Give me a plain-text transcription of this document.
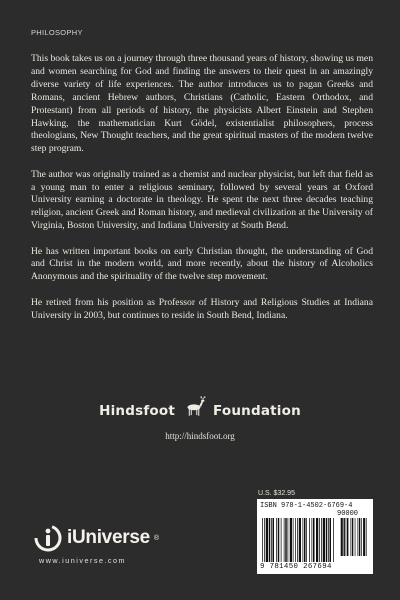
PHILOSOPHY

This book takes us on a journey through three thousand years of history, showing us men and women searching for God and finding the answers to their quest in an amazingly diverse variety of life experiences. The author introduces us to pagan Greeks and Romans, ancient Hebrew authors, Christians (Catholic, Eastern Orthodox, and Protestant) from all periods of history, the physicists Albert Einstein and Stephen Hawking, the mathematician Kurt Gödel, existentialist philosophers, process theologians, New Thought teachers, and the great spiritual masters of the modern twelve step program.

The author was originally trained as a chemist and nuclear physicist, but left that field as a young man to enter a religious seminary, followed by several years at Oxford University earning a doctorate in theology. He spent the next three decades teaching religion, ancient Greek and Roman history, and medieval civilization at the University of Virginia, Boston University, and Indiana University at South Bend.

He has written important books on early Christian thought, the understanding of God and Christ in the modern world, and more recently, about the history of Alcoholics Anonymous and the spirituality of the twelve step movement.

He retired from his position as Professor of History and Religious Studies at Indiana University in 2003, but continues to reside in South Bend, Indiana.

Hindsfoot	Foundation
http://hindsfoot.org
U.S. $32.95
ISBN 978-1-4502-6769-4
90000
9 781450 267694
iUniverse ®
www.iuniverse.com
